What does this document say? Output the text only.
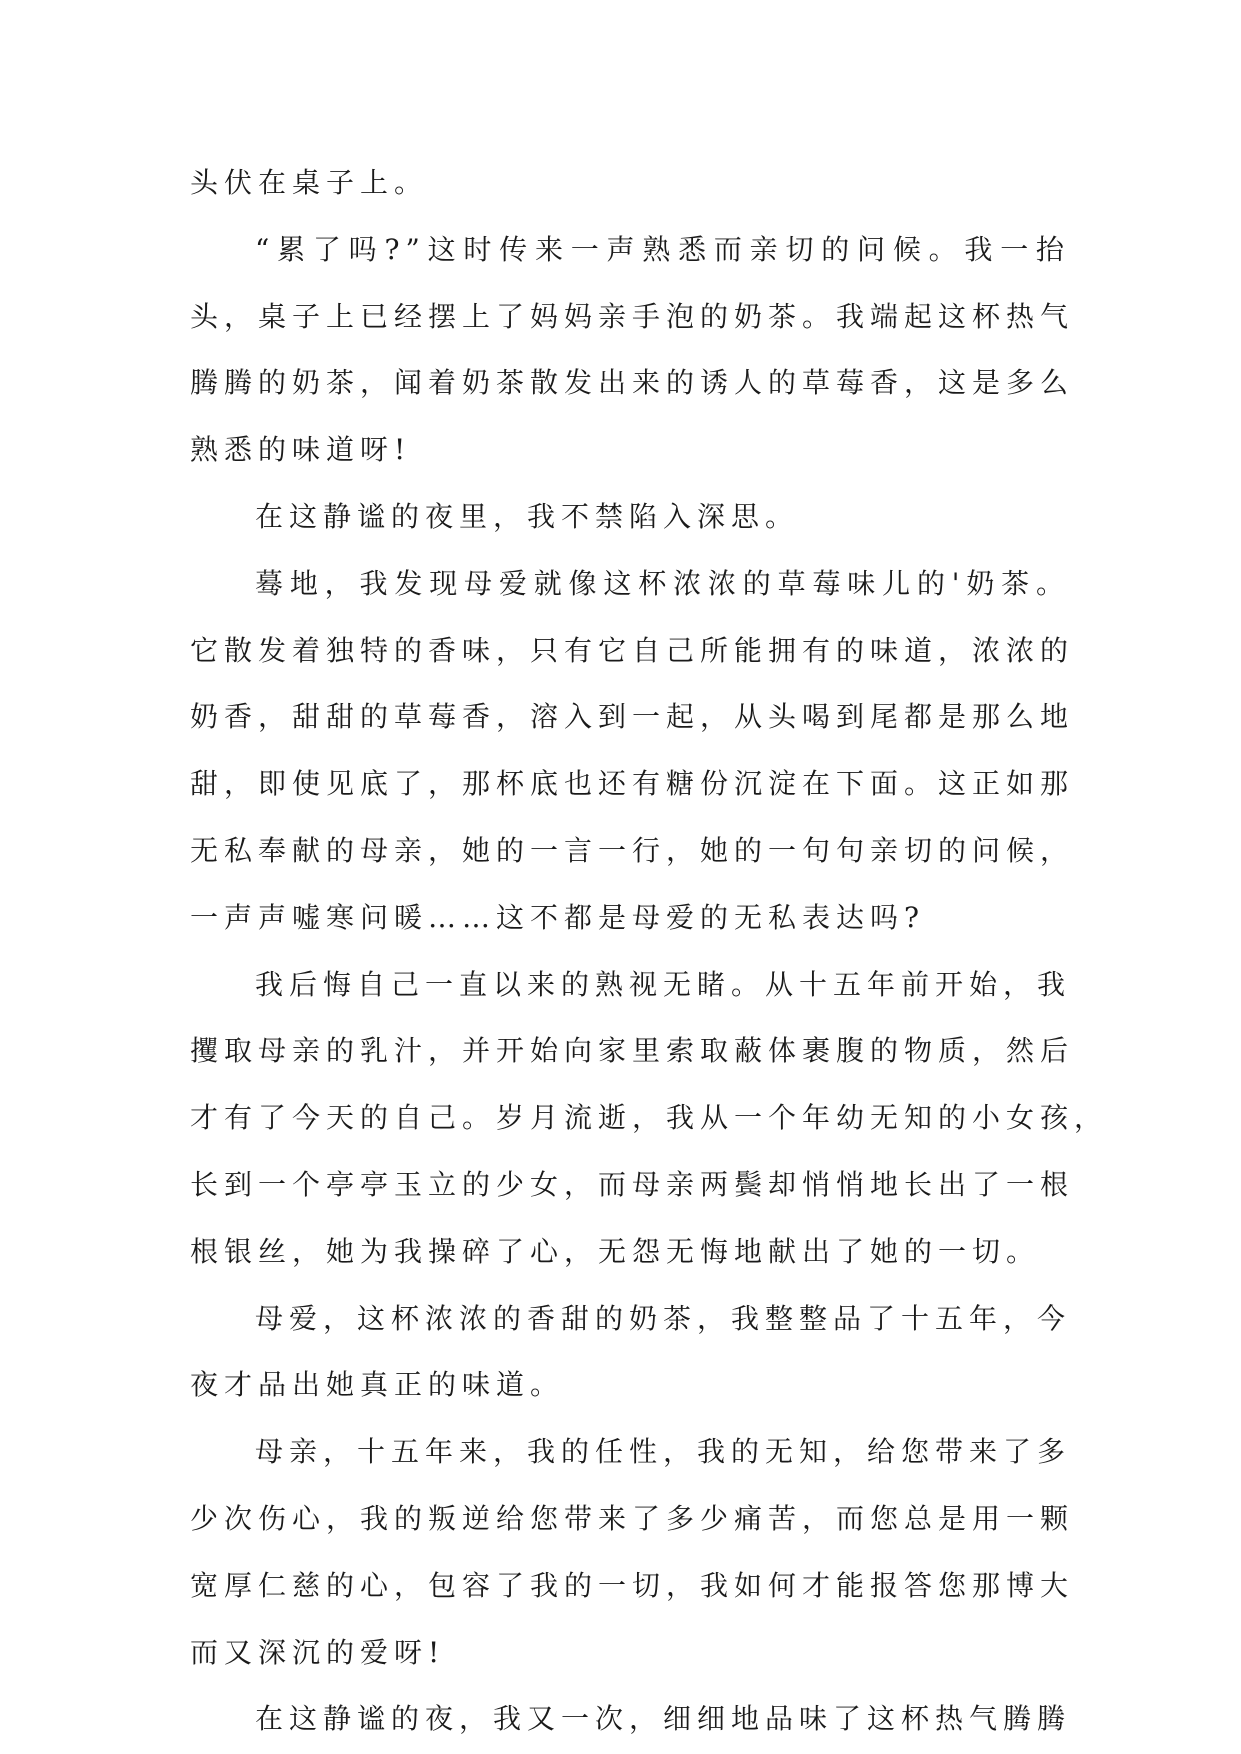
头伏在桌子上。
“累了吗?”这时传来一声熟悉而亲切的问候。我一抬
头，桌子上已经摆上了妈妈亲手泡的奶茶。我端起这杯热气
腾腾的奶茶，闻着奶茶散发出来的诱人的草莓香，这是多么
熟悉的味道呀!
在这静谧的夜里，我不禁陷入深思。
蓦地，我发现母爱就像这杯浓浓的草莓味儿的'奶茶。
它散发着独特的香味，只有它自己所能拥有的味道，浓浓的
奶香，甜甜的草莓香，溶入到一起，从头喝到尾都是那么地
甜，即使见底了，那杯底也还有糖份沉淀在下面。这正如那
无私奉献的母亲，她的一言一行，她的一句句亲切的问候，
一声声嘘寒问暖……这不都是母爱的无私表达吗?
我后悔自己一直以来的熟视无睹。从十五年前开始，我
攫取母亲的乳汁，并开始向家里索取蔽体裹腹的物质，然后
才有了今天的自己。岁月流逝，我从一个年幼无知的小女孩，
长到一个亭亭玉立的少女，而母亲两鬓却悄悄地长出了一根
根银丝，她为我操碎了心，无怨无悔地献出了她的一切。
母爱，这杯浓浓的香甜的奶茶，我整整品了十五年，今
夜才品出她真正的味道。
母亲，十五年来，我的任性，我的无知，给您带来了多
少次伤心，我的叛逆给您带来了多少痛苦，而您总是用一颗
宽厚仁慈的心，包容了我的一切，我如何才能报答您那博大
而又深沉的爱呀!
在这静谧的夜，我又一次，细细地品味了这杯热气腾腾
